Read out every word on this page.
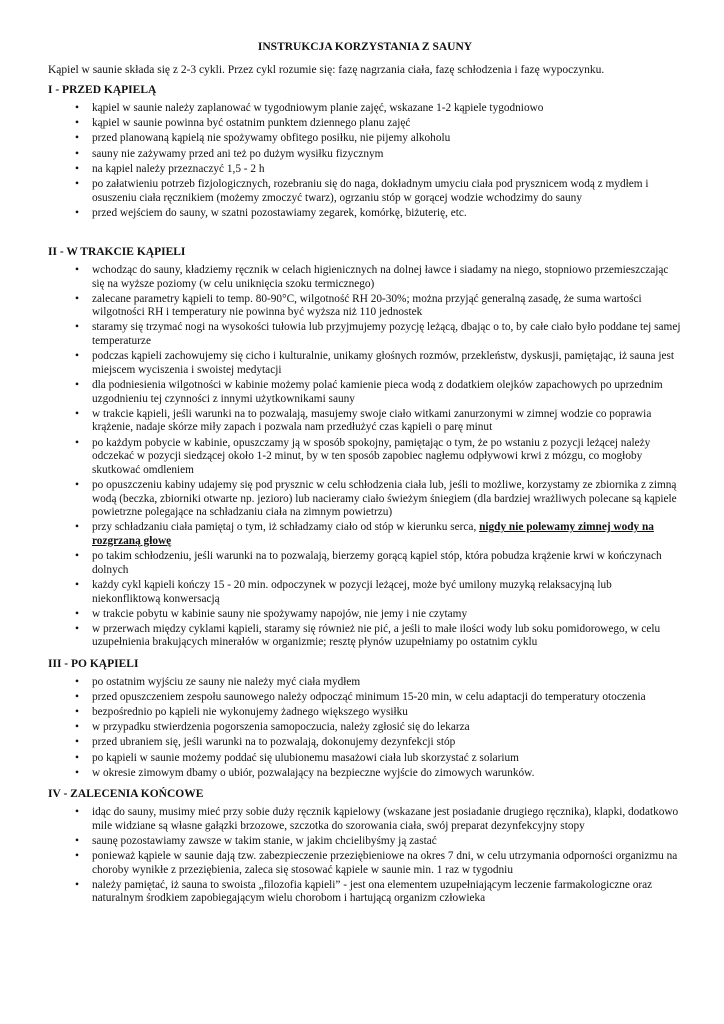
INSTRUKCJA KORZYSTANIA Z SAUNY
Kąpiel w saunie składa się z 2-3 cykli. Przez cykl rozumie się: fazę nagrzania ciała, fazę schłodzenia i fazę wypoczynku.
I - PRZED KĄPIELĄ
• kąpiel w saunie należy zaplanować w tygodniowym planie zajęć, wskazane 1-2 kąpiele tygodniowo
• kąpiel w saunie powinna być ostatnim punktem dziennego planu zajęć
• przed planowaną kąpielą nie spożywamy obfitego posiłku, nie pijemy alkoholu
• sauny nie zażywamy przed ani też po dużym wysiłku fizycznym
• na kąpiel należy przeznaczyć 1,5 - 2 h
• po załatwieniu potrzeb fizjologicznych, rozebraniu się do naga, dokładnym umyciu ciała pod prysznicem wodą z mydłem i osuszeniu ciała ręcznikiem (możemy zmoczyć twarz), ogrzaniu stóp w gorącej wodzie wchodzimy do sauny
• przed wejściem do sauny, w szatni pozostawiamy zegarek, komórkę, biżuterię, etc.
II - W TRAKCIE KĄPIELI
• wchodząc do sauny, kładziemy ręcznik w celach higienicznych na dolnej ławce i siadamy na niego, stopniowo przemieszczając się na wyższe poziomy (w celu uniknięcia szoku termicznego)
• zalecane parametry kąpieli to temp. 80-90°C, wilgotność RH 20-30%; można przyjąć generalną zasadę, że suma wartości wilgotności RH i temperatury nie powinna być wyższa niż 110 jednostek
• staramy się trzymać nogi na wysokości tułowia lub przyjmujemy pozycję leżącą, dbając o to, by całe ciało było poddane tej samej temperaturze
• podczas kąpieli zachowujemy się cicho i kulturalnie, unikamy głośnych rozmów, przekleństw, dyskusji, pamiętając, iż sauna jest miejscem wyciszenia i swoistej medytacji
• dla podniesienia wilgotności w kabinie możemy polać kamienie pieca wodą z dodatkiem olejków zapachowych po uprzednim uzgodnieniu tej czynności z innymi użytkownikami sauny
• w trakcie kąpieli, jeśli warunki na to pozwalają, masujemy swoje ciało witkami zanurzonymi w zimnej wodzie co poprawia krążenie, nadaje skórze miły zapach i pozwala nam przedłużyć czas kąpieli o parę minut
• po każdym pobycie w kabinie, opuszczamy ją w sposób spokojny, pamiętając o tym, że po wstaniu z pozycji leżącej należy odczekać w pozycji siedzącej około 1-2 minut, by w ten sposób zapobiec nagłemu odpływowi krwi z mózgu, co mogłoby skutkować omdleniem
• po opuszczeniu kabiny udajemy się pod prysznic w celu schłodzenia ciała lub, jeśli to możliwe, korzystamy ze zbiornika z zimną wodą (beczka, zbiorniki otwarte np. jezioro) lub nacieramy ciało świeżym śniegiem (dla bardziej wrażliwych polecane są kąpiele powietrzne polegające na schładzaniu ciała na zimnym powietrzu)
• przy schładzaniu ciała pamiętaj o tym, iż schładzamy ciało od stóp w kierunku serca, nigdy nie polewamy zimnej wody na rozgrzaną głowę
• po takim schłodzeniu, jeśli warunki na to pozwalają, bierzemy gorącą kąpiel stóp, która pobudza krążenie krwi w kończynach dolnych
• każdy cykl kąpieli kończy 15 - 20 min. odpoczynek w pozycji leżącej, może być umilony muzyką relaksacyjną lub niekonfliktową konwersacją
• w trakcie pobytu w kabinie sauny nie spożywamy napojów, nie jemy i nie czytamy
• w przerwach między cyklami kąpieli, staramy się również nie pić, a jeśli to małe ilości wody lub soku pomidorowego, w celu uzupełnienia brakujących minerałów w organizmie; resztę płynów uzupełniamy po ostatnim cyklu
III - PO KĄPIELI
• po ostatnim wyjściu ze sauny nie należy myć ciała mydłem
• przed opuszczeniem zespołu saunowego należy odpocząć minimum 15-20 min, w celu adaptacji do temperatury otoczenia
• bezpośrednio po kąpieli nie wykonujemy żadnego większego wysiłku
• w przypadku stwierdzenia pogorszenia samopoczucia, należy zgłosić się do lekarza
• przed ubraniem się, jeśli warunki na to pozwalają, dokonujemy dezynfekcji stóp
• po kąpieli w saunie możemy poddać się ulubionemu masażowi ciała lub skorzystać z solarium
• w okresie zimowym dbamy o ubiór, pozwalający na bezpieczne wyjście do zimowych warunków.
IV - ZALECENIA KOŃCOWE
• idąc do sauny, musimy mieć przy sobie duży ręcznik kąpielowy (wskazane jest posiadanie drugiego ręcznika), klapki, dodatkowo mile widziane są własne gałązki brzozowe, szczotka do szorowania ciała, swój preparat dezynfekcyjny stopy
• saunę pozostawiamy zawsze w takim stanie, w jakim chcielibyśmy ją zastać
• ponieważ kąpiele w saunie dają tzw. zabezpieczenie przeziębieniowe na okres 7 dni, w celu utrzymania odporności organizmu na choroby wynikłe z przeziębienia, zaleca się stosować kąpiele w saunie min. 1 raz w tygodniu
• należy pamiętać, iż sauna to swoista „filozofia kąpieli” - jest ona elementem uzupełniającym leczenie farmakologiczne oraz naturalnym środkiem zapobiegającym wielu chorobom i hartującą organizm człowieka
